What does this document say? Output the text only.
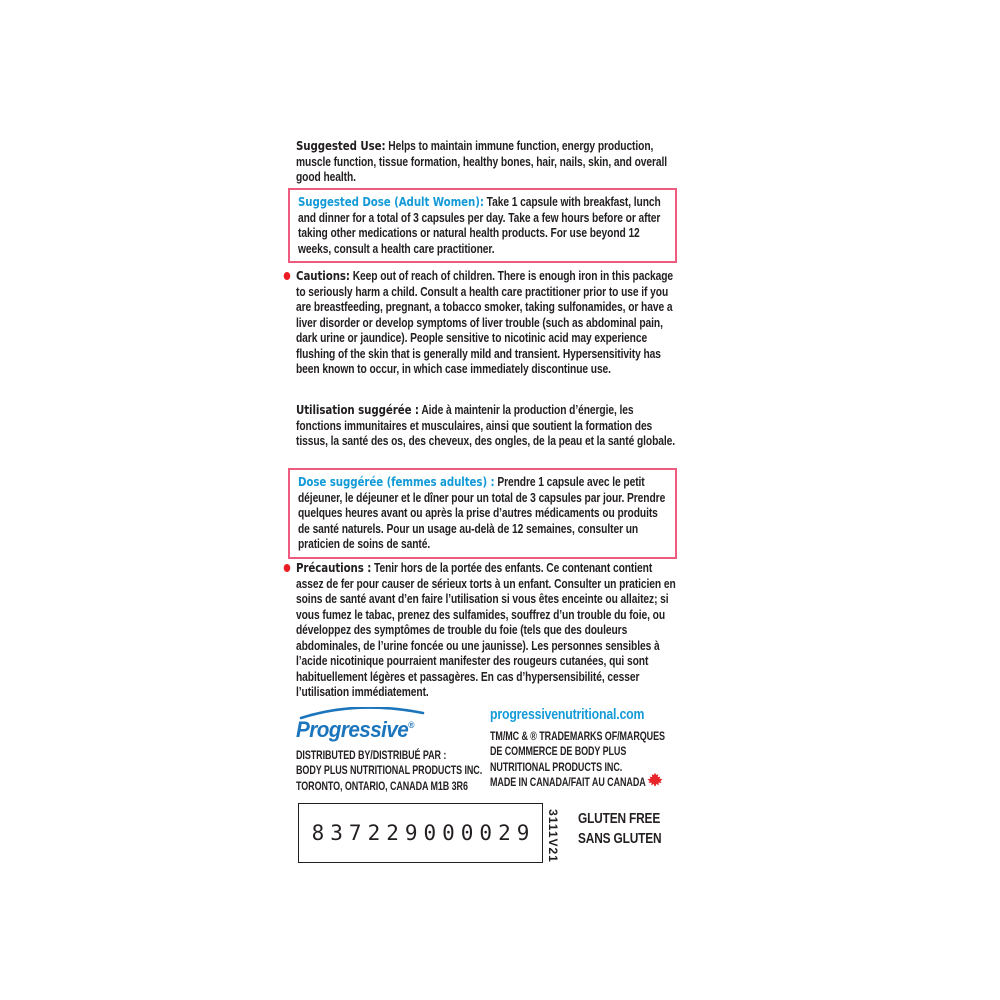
Suggested Use: Helps to maintain immune function, energy production, muscle function, tissue formation, healthy bones, hair, nails, skin, and overall good health.
Suggested Dose (Adult Women): Take 1 capsule with breakfast, lunch and dinner for a total of 3 capsules per day. Take a few hours before or after taking other medications or natural health products. For use beyond 12 weeks, consult a health care practitioner.
Cautions: Keep out of reach of children. There is enough iron in this package to seriously harm a child. Consult a health care practitioner prior to use if you are breastfeeding, pregnant, a tobacco smoker, taking sulfonamides, or have a liver disorder or develop symptoms of liver trouble (such as abdominal pain, dark urine or jaundice). People sensitive to nicotinic acid may experience flushing of the skin that is generally mild and transient. Hypersensitivity has been known to occur, in which case immediately discontinue use.
Utilisation suggérée : Aide à maintenir la production d’énergie, les fonctions immunitaires et musculaires, ainsi que soutient la formation des tissus, la santé des os, des cheveux, des ongles, de la peau et la santé globale.
Dose suggérée (femmes adultes) : Prendre 1 capsule avec le petit déjeuner, le déjeuner et le dîner pour un total de 3 capsules par jour. Prendre quelques heures avant ou après la prise d’autres médicaments ou produits de santé naturels. Pour un usage au-delà de 12 semaines, consulter un praticien de soins de santé.
Précautions : Tenir hors de la portée des enfants. Ce contenant contient assez de fer pour causer de sérieux torts à un enfant. Consulter un praticien en soins de santé avant d’en faire l’utilisation si vous êtes enceinte ou allaitez; si vous fumez le tabac, prenez des sulfamides, souffrez d’un trouble du foie, ou développez des symptômes de trouble du foie (tels que des douleurs abdominales, de l’urine foncée ou une jaunisse). Les personnes sensibles à l’acide nicotinique pourraient manifester des rougeurs cutanées, qui sont habituellement légères et passagères. En cas d’hypersensibilité, cesser l’utilisation immédiatement.
Progressive®
DISTRIBUTED BY/DISTRIBUÉ PAR :
BODY PLUS NUTRITIONAL PRODUCTS INC.
TORONTO, ONTARIO, CANADA M1B 3R6
progressivenutritional.com
TM/MC & ® TRADEMARKS OF/MARQUES
DE COMMERCE DE BODY PLUS
NUTRITIONAL PRODUCTS INC.
MADE IN CANADA/FAIT AU CANADA
837229000029 3111V21 GLUTEN FREE
SANS GLUTEN
